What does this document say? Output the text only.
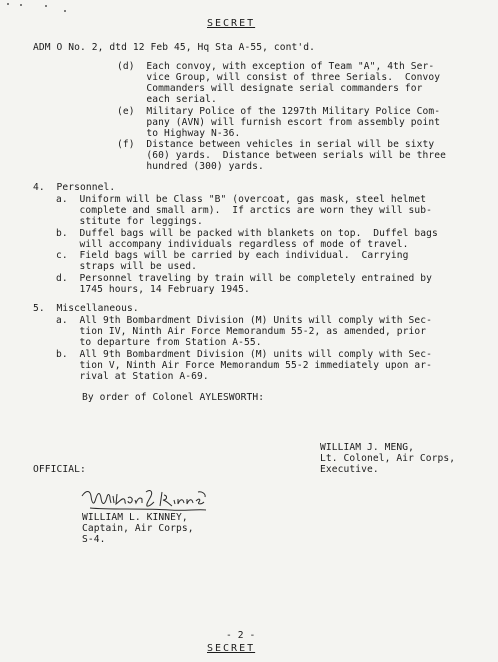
SECRET
ADM O No. 2, dtd 12 Feb 45, Hq Sta A-55, cont'd.
(d)  Each convoy, with exception of Team "A", 4th Ser-
vice Group, will consist of three Serials.  Convoy
Commanders will designate serial commanders for
each serial.
(e)  Military Police of the 1297th Military Police Com-
pany (AVN) will furnish escort from assembly point
to Highway N-36.
(f)  Distance between vehicles in serial will be sixty
(60) yards.  Distance between serials will be three
hundred (300) yards.
4.  Personnel.
a.  Uniform will be Class "B" (overcoat, gas mask, steel helmet
complete and small arm).  If arctics are worn they will sub-
stitute for leggings.
b.  Duffel bags will be packed with blankets on top.  Duffel bags
will accompany individuals regardless of mode of travel.
c.  Field bags will be carried by each individual.  Carrying
straps will be used.
d.  Personnel traveling by train will be completely entrained by
1745 hours, 14 February 1945.
5.  Miscellaneous.
a.  All 9th Bombardment Division (M) Units will comply with Sec-
tion IV, Ninth Air Force Memorandum 55-2, as amended, prior
to departure from Station A-55.
b.  All 9th Bombardment Division (M) units will comply with Sec-
tion V, Ninth Air Force Memorandum 55-2 immediately upon ar-
rival at Station A-69.
By order of Colonel AYLESWORTH:
WILLIAM J. MENG,
Lt. Colonel, Air Corps,
Executive.
OFFICIAL:
WILLIAM L. KINNEY,
Captain, Air Corps,
S-4.
- 2 -
SECRET
